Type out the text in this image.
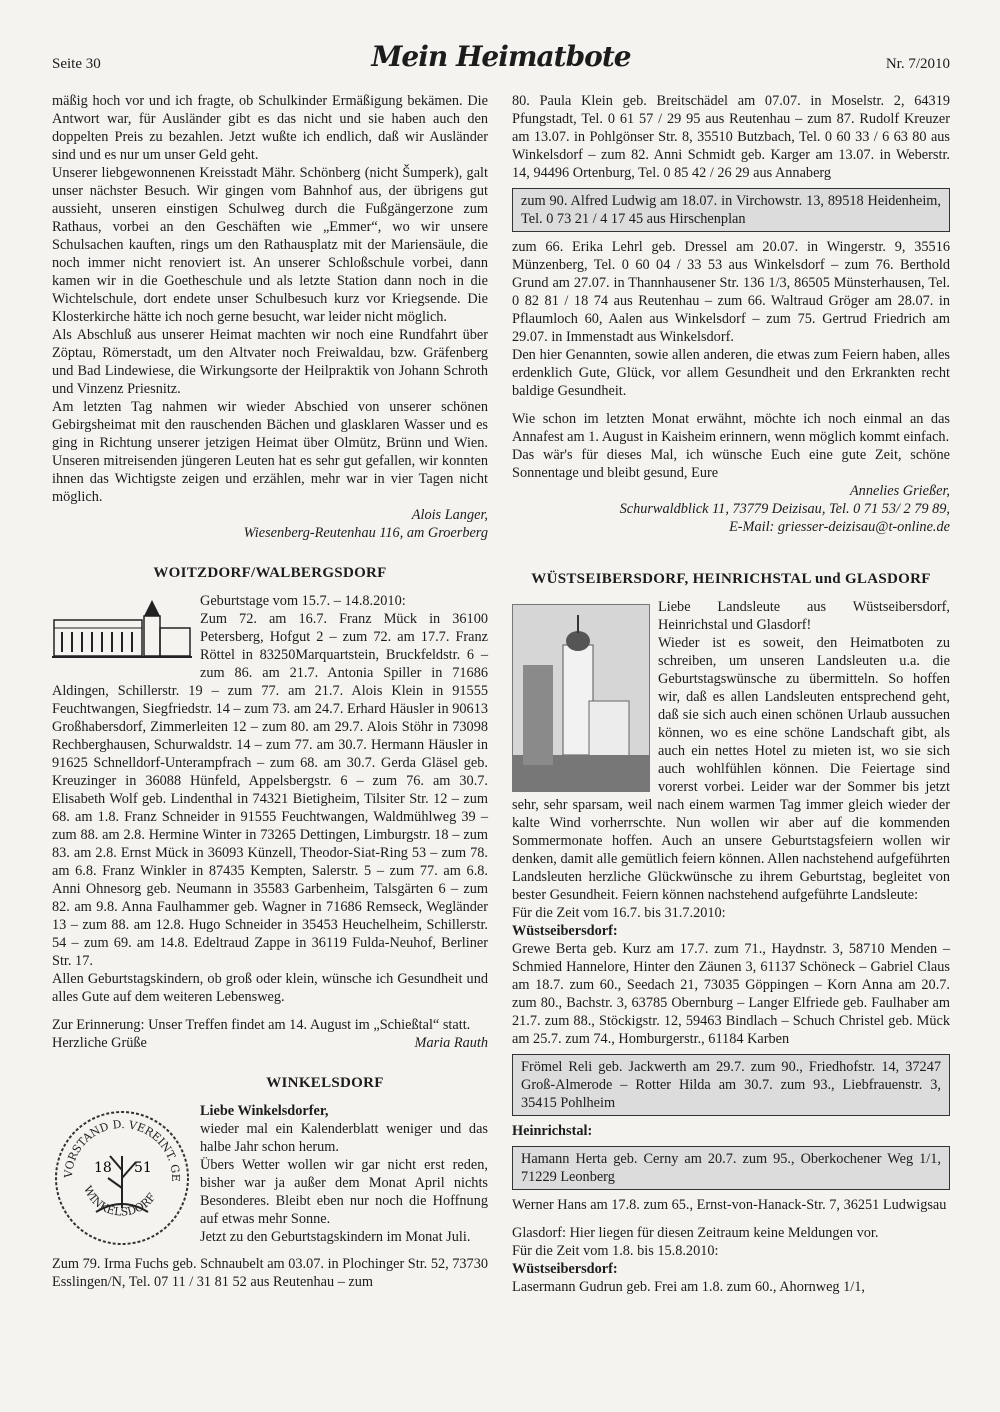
Seite 30	Mein Heimatbote	Nr. 7/2010

mäßig hoch vor und ich fragte, ob Schulkinder Ermäßigung bekämen. Die Antwort war, für Ausländer gibt es das nicht und sie haben auch den doppelten Preis zu bezahlen. Jetzt wußte ich endlich, daß wir Ausländer sind und es nur um unser Geld geht.

Unserer liebgewonnenen Kreisstadt Mähr. Schönberg (nicht Šumperk), galt unser nächster Besuch. Wir gingen vom Bahnhof aus, der übrigens gut aussieht, unseren einstigen Schulweg durch die Fußgängerzone zum Rathaus, vorbei an den Geschäften wie „Emmer“, wo wir unsere Schulsachen kauften, rings um den Rathausplatz mit der Mariensäule, die noch immer nicht renoviert ist. An unserer Schloßschule vorbei, dann kamen wir in die Goetheschule und als letzte Station dann noch in die Wichtelschule, dort endete unser Schulbesuch kurz vor Kriegsende. Die Klosterkirche hätte ich noch gerne besucht, war leider nicht möglich.

Als Abschluß aus unserer Heimat machten wir noch eine Rundfahrt über Zöptau, Römerstadt, um den Altvater noch Freiwaldau, bzw. Gräfenberg und Bad Lindewiese, die Wirkungsorte der Heilpraktik von Johann Schroth und Vinzenz Priesnitz.

Am letzten Tag nahmen wir wieder Abschied von unserer schönen Gebirgsheimat mit den rauschenden Bächen und glasklaren Wasser und es ging in Richtung unserer jetzigen Heimat über Olmütz, Brünn und Wien. Unseren mitreisenden jüngeren Leuten hat es sehr gut gefallen, wir konnten ihnen das Wichtigste zeigen und erzählen, mehr war in vier Tagen nicht möglich.

Alois Langer,

Wiesenberg-Reutenhau 116, am Groerberg

WOITZDORF/WALBERGSDORF

Geburtstage vom 15.7. – 14.8.2010:

Zum 72. am 16.7. Franz Mück in 36100 Petersberg, Hofgut 2 – zum 72. am 17.7. Franz Röttel in 83250Marquartstein, Bruckfeldstr. 6 – zum 86. am 21.7. Antonia Spiller in 71686 Aldingen, Schillerstr. 19 – zum 77. am 21.7. Alois Klein in 91555 Feuchtwangen, Siegfriedstr. 14 – zum 73. am 24.7. Erhard Häusler in 90613 Großhabersdorf, Zimmerleiten 12 – zum 80. am 29.7. Alois Stöhr in 73098 Rechberghausen, Schurwaldstr. 14 – zum 77. am 30.7. Hermann Häusler in 91625 Schnelldorf-Unterampfrach – zum 68. am 30.7. Gerda Gläsel geb. Kreuzinger in 36088 Hünfeld, Appelsbergstr. 6 – zum 76. am 30.7. Elisabeth Wolf geb. Lindenthal in 74321 Bietigheim, Tilsiter Str. 12 – zum 68. am 1.8. Franz Schneider in 91555 Feuchtwangen, Waldmühlweg 39 – zum 88. am 2.8. Hermine Winter in 73265 Dettingen, Limburgstr. 18 – zum 83. am 2.8. Ernst Mück in 36093 Künzell, Theodor-Siat-Ring 53 – zum 78. am 6.8. Franz Winkler in 87435 Kempten, Salerstr. 5 – zum 77. am 6.8. Anni Ohnesorg geb. Neumann in 35583 Garbenheim, Talsgärten 6 – zum 82. am 9.8. Anna Faulhammer geb. Wagner in 71686 Remseck, Wegländer 13 – zum 88. am 12.8. Hugo Schneider in 35453 Heuchelheim, Schillerstr. 54 – zum 69. am 14.8. Edeltraud Zappe in 36119 Fulda-Neuhof, Berliner Str. 17.

Allen Geburtstagskindern, ob groß oder klein, wünsche ich Gesundheit und alles Gute auf dem weiteren Lebensweg.

Zur Erinnerung: Unser Treffen findet am 14. August im „Schießtal“ statt.

Herzliche Grüße	Maria Rauth
WINKELSDORF
VORSTAND D. VEREINT. GE
WINKELSDORF
18 51

Liebe Winkelsdorfer,

wieder mal ein Kalenderblatt weniger und das halbe Jahr schon herum.

Übers Wetter wollen wir gar nicht erst reden, bisher war ja außer dem Monat April nichts Besonderes. Bleibt eben nur noch die Hoffnung auf etwas mehr Sonne.

Jetzt zu den Geburtstagskindern im Monat Juli.

Zum 79. Irma Fuchs geb. Schnaubelt am 03.07. in Plochinger Str. 52, 73730 Esslingen/N, Tel. 07 11 / 31 81 52 aus Reutenhau – zum

80. Paula Klein geb. Breitschädel am 07.07. in Moselstr. 2, 64319 Pfungstadt, Tel. 0 61 57 / 29 95 aus Reutenhau – zum 87. Rudolf Kreuzer am 13.07. in Pohlgönser Str. 8, 35510 Butzbach, Tel. 0 60 33 / 6 63 80 aus Winkelsdorf – zum 82. Anni Schmidt geb. Karger am 13.07. in Weberstr. 14, 94496 Ortenburg, Tel. 0 85 42 / 26 29 aus Annaberg

zum 90. Alfred Ludwig am 18.07. in Virchowstr. 13, 89518 Heidenheim, Tel. 0 73 21 / 4 17 45 aus Hirschenplan

zum 66. Erika Lehrl geb. Dressel am 20.07. in Wingerstr. 9, 35516 Münzenberg, Tel. 0 60 04 / 33 53 aus Winkelsdorf – zum 76. Berthold Grund am 27.07. in Thannhausener Str. 136 1/3, 86505 Münsterhausen, Tel. 0 82 81 / 18 74 aus Reutenhau – zum 66. Waltraud Gröger am 28.07. in Pflaumloch 60, Aalen aus Winkelsdorf – zum 75. Gertrud Friedrich am 29.07. in Immenstadt aus Winkelsdorf.

Den hier Genannten, sowie allen anderen, die etwas zum Feiern haben, alles erdenklich Gute, Glück, vor allem Gesundheit und den Erkrankten recht baldige Gesundheit.

Wie schon im letzten Monat erwähnt, möchte ich noch einmal an das Annafest am 1. August in Kaisheim erinnern, wenn möglich kommt einfach.

Das wär's für dieses Mal, ich wünsche Euch eine gute Zeit, schöne Sonnentage und bleibt gesund, Eure

Annelies Grießer,

Schurwaldblick 11, 73779 Deizisau, Tel. 0 71 53/ 2 79 89,

E-Mail: griesser-deizisau@t-online.de

WÜSTSEIBERSDORF, HEINRICHSTAL und GLASDORF

Liebe Landsleute aus Wüstseibersdorf, Heinrichstal und Glasdorf!

Wieder ist es soweit, den Heimatboten zu schreiben, um unseren Landsleuten u.a. die Geburtstagswünsche zu übermitteln. So hoffen wir, daß es allen Landsleuten entsprechend geht, daß sie sich auch einen schönen Urlaub aussuchen können, wo es eine schöne Landschaft gibt, als auch ein nettes Hotel zu mieten ist, wo sie sich auch wohlfühlen können. Die Feiertage sind vorerst vorbei. Leider war der Sommer bis jetzt sehr, sehr sparsam, weil nach einem warmen Tag immer gleich wieder der kalte Wind vorherrschte. Nun wollen wir aber auf die kommenden Sommermonate hoffen. Auch an unsere Geburtstagsfeiern wollen wir denken, damit alle gemütlich feiern können. Allen nachstehend aufgeführten Landsleuten herzliche Glückwünsche zu ihrem Geburtstag, begleitet von bester Gesundheit. Feiern können nachstehend aufgeführte Landsleute:

Für die Zeit vom 16.7. bis 31.7.2010:

Wüstseibersdorf:

Grewe Berta geb. Kurz am 17.7. zum 71., Haydnstr. 3, 58710 Menden – Schmied Hannelore, Hinter den Zäunen 3, 61137 Schöneck – Gabriel Claus am 18.7. zum 60., Seedach 21, 73035 Göppingen – Korn Anna am 20.7. zum 80., Bachstr. 3, 63785 Obernburg – Langer Elfriede geb. Faulhaber am 21.7. zum 88., Stöckigstr. 12, 59463 Bindlach – Schuch Christel geb. Mück am 25.7. zum 74., Homburgerstr., 61184 Karben

Frömel Reli geb. Jackwerth am 29.7. zum 90., Friedhofstr. 14, 37247 Groß-Almerode – Rotter Hilda am 30.7. zum 93., Liebfrauenstr. 3, 35415 Pohlheim

Heinrichstal:

Hamann Herta geb. Cerny am 20.7. zum 95., Oberkochener Weg 1/1, 71229 Leonberg

Werner Hans am 17.8. zum 65., Ernst-von-Hanack-Str. 7, 36251 Ludwigsau

Glasdorf: Hier liegen für diesen Zeitraum keine Meldungen vor.

Für die Zeit vom 1.8. bis 15.8.2010:

Wüstseibersdorf:

Lasermann Gudrun geb. Frei am 1.8. zum 60., Ahornweg 1/1,
